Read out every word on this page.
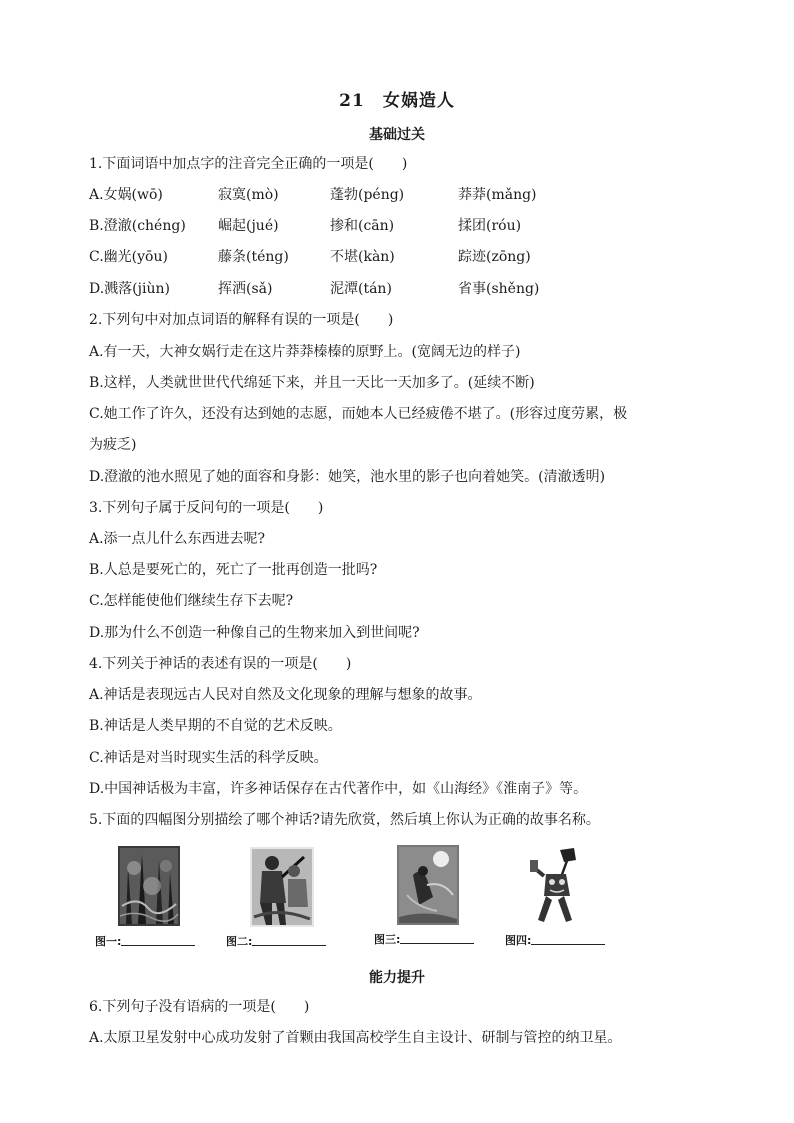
21　女娲造人
基础过关
1.下面词语中加点字的注音完全正确的一项是(　　)
A.女娲(wō)	寂寞(mò)	蓬勃(péng)	莽莽(mǎng)
B.澄澈(chéng) 崛起(jué)	掺和(cān)	揉团(róu)
C.幽光(yōu)	藤条(téng)	不堪(kàn)	踪迹(zōng)
D.溅落(jiùn)	挥洒(sǎ)	泥潭(tán)	省事(shěng)
2.下列句中对加点词语的解释有误的一项是(　　)
A.有一天，大神女娲行走在这片莽莽榛榛的原野上。(宽阔无边的样子)
B.这样，人类就世世代代绵延下来，并且一天比一天加多了。(延续不断)
C.她工作了许久，还没有达到她的志愿，而她本人已经疲倦不堪了。(形容过度劳累，极
为疲乏)
D.澄澈的池水照见了她的面容和身影：她笑，池水里的影子也向着她笑。(清澈透明)
3.下列句子属于反问句的一项是(　　)
A.添一点儿什么东西进去呢?
B.人总是要死亡的，死亡了一批再创造一批吗?
C.怎样能使他们继续生存下去呢?
D.那为什么不创造一种像自己的生物来加入到世间呢?
4.下列关于神话的表述有误的一项是(　　)
A.神话是表现远古人民对自然及文化现象的理解与想象的故事。
B.神话是人类早期的不自觉的艺术反映。
C.神话是对当时现实生活的科学反映。
D.中国神话极为丰富，许多神话保存在古代著作中，如《山海经》《淮南子》等。
5.下面的四幅图分别描绘了哪个神话?请先欣赏，然后填上你认为正确的故事名称。
图一:	图二:	图三:	图四:
能力提升
6.下列句子没有语病的一项是(　　)
A.太原卫星发射中心成功发射了首颗由我国高校学生自主设计、研制与管控的纳卫星。
